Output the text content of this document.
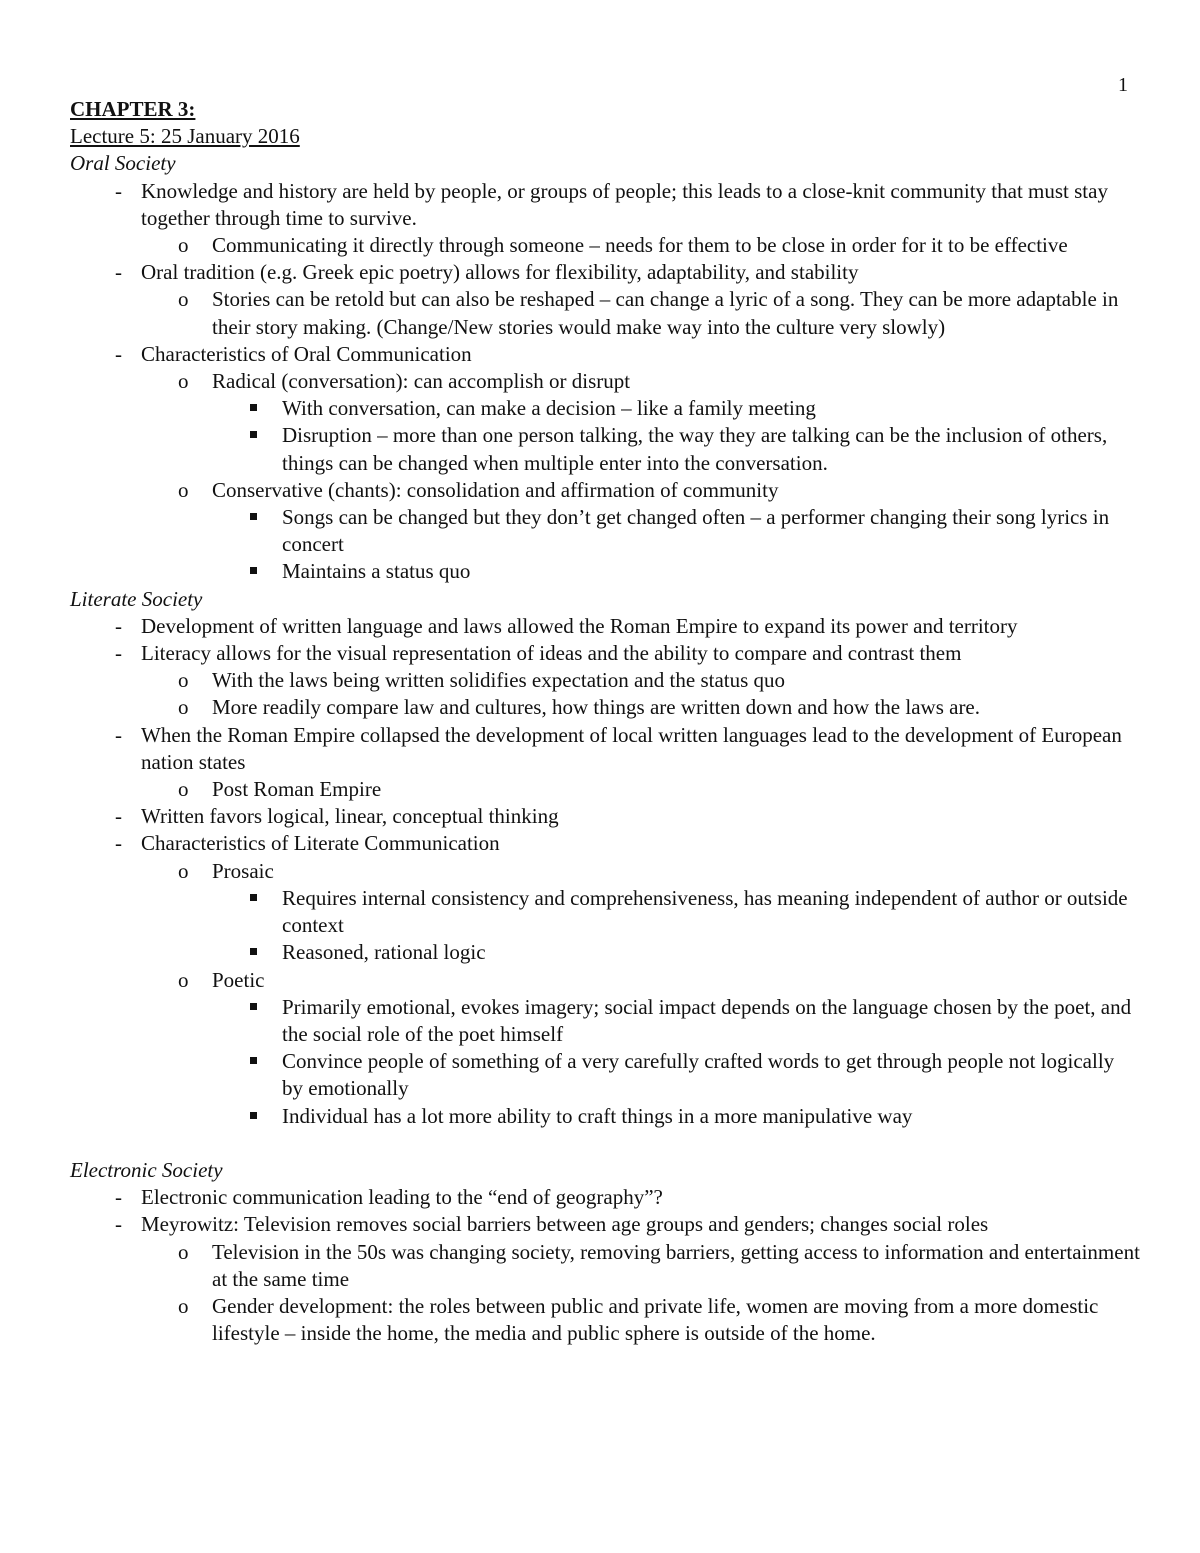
1
CHAPTER 3:
Lecture 5: 25 January 2016
Oral Society
- Knowledge and history are held by people, or groups of people; this leads to a close-knit community that must stay together through time to survive.
o Communicating it directly through someone – needs for them to be close in order for it to be effective
- Oral tradition (e.g. Greek epic poetry) allows for flexibility, adaptability, and stability
o Stories can be retold but can also be reshaped – can change a lyric of a song. They can be more adaptable in their story making. (Change/New stories would make way into the culture very slowly)
- Characteristics of Oral Communication
o Radical (conversation): can accomplish or disrupt
With conversation, can make a decision – like a family meeting
Disruption – more than one person talking, the way they are talking can be the inclusion of others, things can be changed when multiple enter into the conversation.
o Conservative (chants): consolidation and affirmation of community
Songs can be changed but they don’t get changed often – a performer changing their song lyrics in concert
Maintains a status quo
Literate Society
- Development of written language and laws allowed the Roman Empire to expand its power and territory
- Literacy allows for the visual representation of ideas and the ability to compare and contrast them
o With the laws being written solidifies expectation and the status quo
o More readily compare law and cultures, how things are written down and how the laws are.
- When the Roman Empire collapsed the development of local written languages lead to the development of European nation states
o Post Roman Empire
- Written favors logical, linear, conceptual thinking
- Characteristics of Literate Communication
o Prosaic
Requires internal consistency and comprehensiveness, has meaning independent of author or outside context
Reasoned, rational logic
o Poetic
Primarily emotional, evokes imagery; social impact depends on the language chosen by the poet, and the social role of the poet himself
Convince people of something of a very carefully crafted words to get through people not logically by emotionally
Individual has a lot more ability to craft things in a more manipulative way
Electronic Society
- Electronic communication leading to the “end of geography”?
- Meyrowitz: Television removes social barriers between age groups and genders; changes social roles
o Television in the 50s was changing society, removing barriers, getting access to information and entertainment at the same time
o Gender development: the roles between public and private life, women are moving from a more domestic lifestyle – inside the home, the media and public sphere is outside of the home.
